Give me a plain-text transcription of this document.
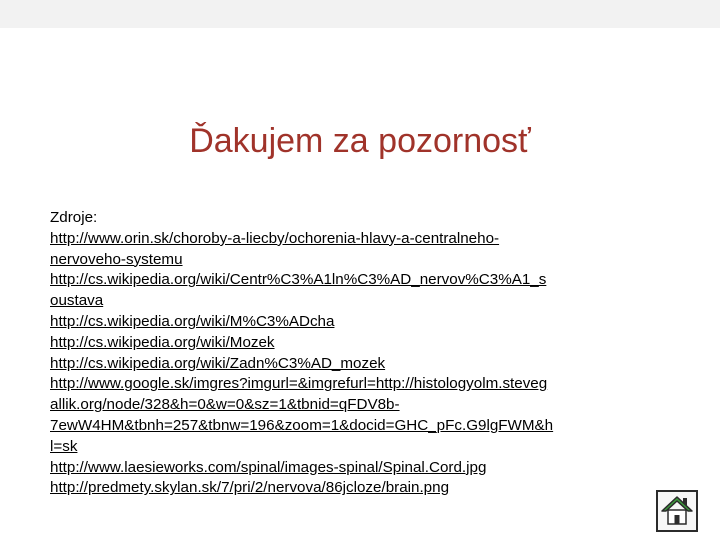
Ďakujem za pozornosť
Zdroje:
http://www.orin.sk/choroby-a-liecby/ochorenia-hlavy-a-centralneho-
nervoveho-systemu
http://cs.wikipedia.org/wiki/Centr%C3%A1ln%C3%AD_nervov%C3%A1_s
oustava
http://cs.wikipedia.org/wiki/M%C3%ADcha
http://cs.wikipedia.org/wiki/Mozek
http://cs.wikipedia.org/wiki/Zadn%C3%AD_mozek
http://www.google.sk/imgres?imgurl=&imgrefurl=http://histologyolm.steveg
allik.org/node/328&h=0&w=0&sz=1&tbnid=qFDV8b-
7ewW4HM&tbnh=257&tbnw=196&zoom=1&docid=GHC_pFc.G9lgFWM&h
l=sk
http://www.laesieworks.com/spinal/images-spinal/Spinal.Cord.jpg
http://predmety.skylan.sk/7/pri/2/nervova/86jcloze/brain.png
